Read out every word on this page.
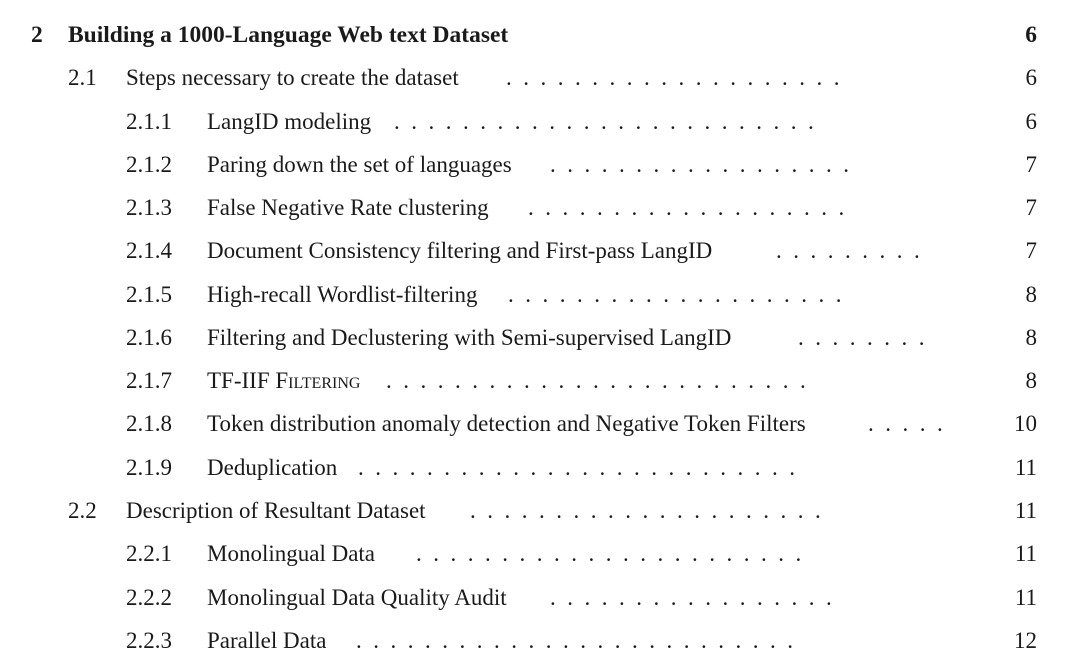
2 Building a 1000-Language Web text Dataset	6
2.1 Steps necessary to create the dataset .  .  .  .  .  .  .  .  .  .  .  .  .  .  .  .  .  .  .  .	6
2.1.1 LangID modeling .  .  .  .  .  .  .  .  .  .  .  .  .  .  .  .  .  .  .  .  .  .  .  .  .	6
2.1.2 Paring down the set of languages .  .  .  .  .  .  .  .  .  .  .  .  .  .  .  .  .  .	7
2.1.3 False Negative Rate clustering .  .  .  .  .  .  .  .  .  .  .  .  .  .  .  .  .  .  .	7
2.1.4 Document Consistency filtering and First-pass LangID	.  .  .  .  .  .  .  .  .	7
2.1.5 High-recall Wordlist-filtering .  .  .  .  .  .  .  .  .  .  .  .  .  .  .  .  .  .  .  .	8
2.1.6 Filtering and Declustering with Semi-supervised LangID	.  .  .  .  .  .  .  .	8
2.1.7 TF-IIF Filtering .  .  .  .  .  .  .  .  .  .  .  .  .  .  .  .  .  .  .  .  .  .  .  .  .	8
2.1.8 Token distribution anomaly detection and Negative Token Filters	.  .  .  .  .	10
2.1.9 Deduplication .  .  .  .  .  .  .  .  .  .  .  .  .  .  .  .  .  .  .  .  .  .  .  .  .  .	11
2.2 Description of Resultant Dataset .  .  .  .  .  .  .  .  .  .  .  .  .  .  .  .  .  .  .  .  .	11
2.2.1 Monolingual Data .  .  .  .  .  .  .  .  .  .  .  .  .  .  .  .  .  .  .  .  .  .  .	11
2.2.2 Monolingual Data Quality Audit .  .  .  .  .  .  .  .  .  .  .  .  .  .  .  .  .	11
2.2.3 Parallel Data .  .  .  .  .  .  .  .  .  .  .  .  .  .  .  .  .  .  .  .  .  .  .  .  .  .	12
